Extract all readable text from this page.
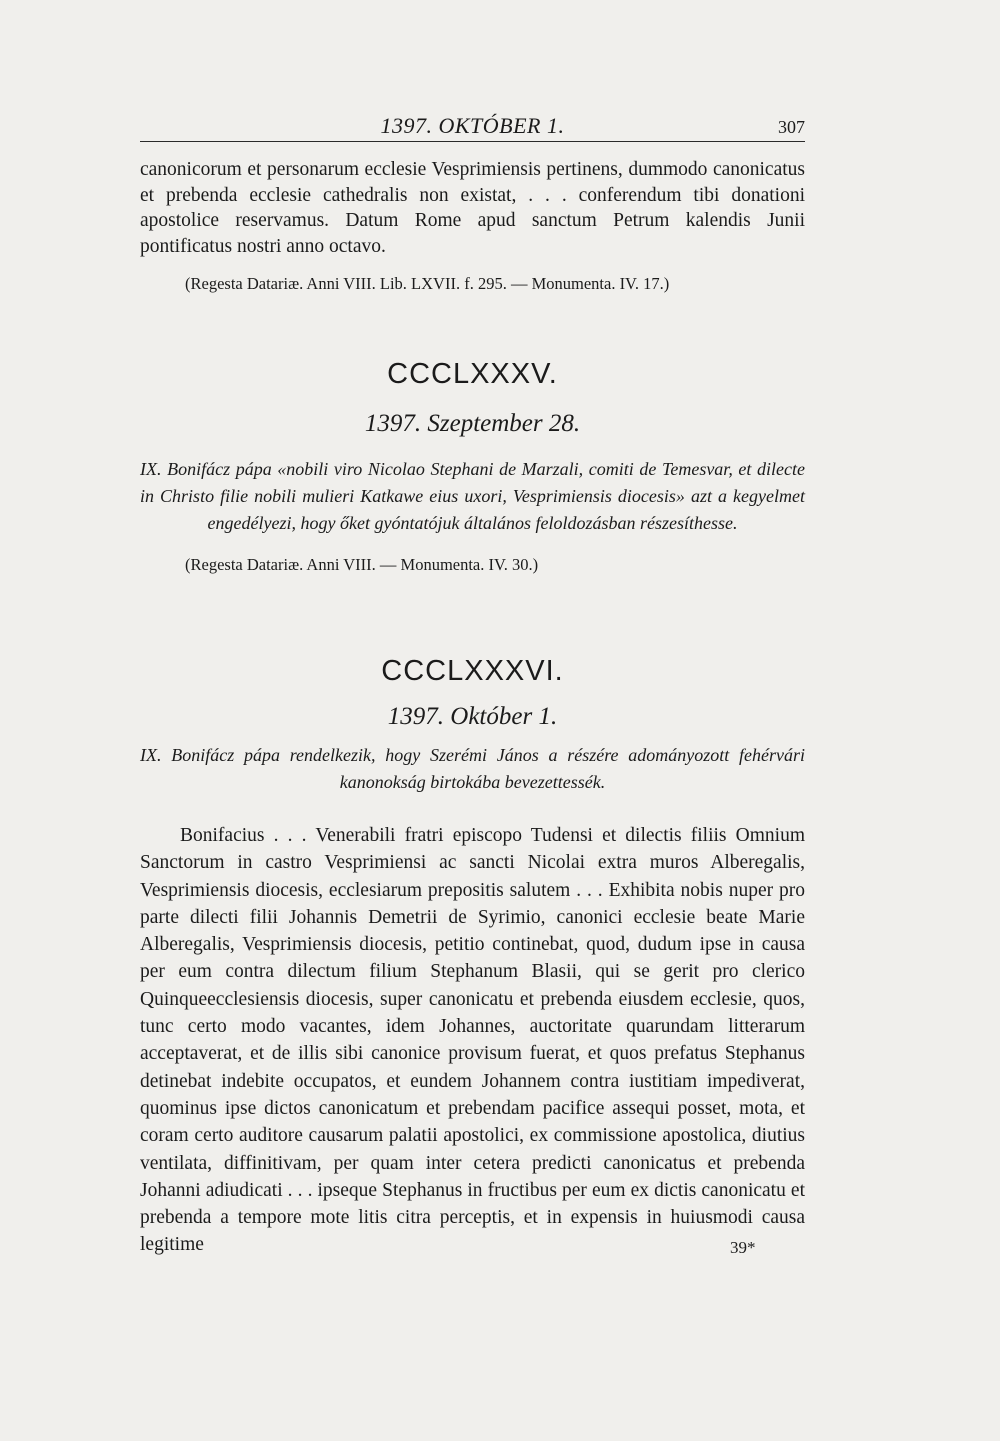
1397. OKTÓBER 1.	307

canonicorum et personarum ecclesie Vesprimiensis pertinens, dummodo canonicatus et prebenda ecclesie cathedralis non existat, . . . conferendum tibi donationi apostolice reservamus. Datum Rome apud sanctum Petrum kalendis Junii pontificatus nostri anno octavo.

(Regesta Datariæ. Anni VIII. Lib. LXVII. f. 295. — Monumenta. IV. 17.)

CCCLXXXV.
1397. Szeptember 28.

IX. Bonifácz pápa «nobili viro Nicolao Stephani de Marzali, comiti de Temesvar, et dilecte in Christo filie nobili mulieri Katkawe eius uxori, Vesprimiensis diocesis» azt a kegyelmet engedélyezi, hogy őket gyóntatójuk általános feloldozásban részesíthesse.

(Regesta Datariæ. Anni VIII. — Monumenta. IV. 30.)

CCCLXXXVI.
1397. Október 1.

IX. Bonifácz pápa rendelkezik, hogy Szerémi János a részére adományozott fehérvári kanonokság birtokába bevezettessék.

Bonifacius . . . Venerabili fratri episcopo Tudensi et dilectis filiis Omnium Sanctorum in castro Vesprimiensi ac sancti Nicolai extra muros Alberegalis, Vesprimiensis diocesis, ecclesiarum prepositis salutem . . . Exhibita nobis nuper pro parte dilecti filii Johannis Demetrii de Syrimio, canonici ecclesie beate Marie Alberegalis, Vesprimiensis diocesis, petitio continebat, quod, dudum ipse in causa per eum contra dilectum filium Stephanum Blasii, qui se gerit pro clerico Quinqueecclesiensis diocesis, super canonicatu et prebenda eiusdem ecclesie, quos, tunc certo modo vacantes, idem Johannes, auctoritate quarundam litterarum acceptaverat, et de illis sibi canonice provisum fuerat, et quos prefatus Stephanus detinebat indebite occupatos, et eundem Johannem contra iustitiam impediverat, quominus ipse dictos canonicatum et prebendam pacifice assequi posset, mota, et coram certo auditore causarum palatii apostolici, ex commissione apostolica, diutius ventilata, diffinitivam, per quam inter cetera predicti canonicatus et prebenda Johanni adiudicati . . . ipseque Stephanus in fructibus per eum ex dictis canonicatu et prebenda a tempore mote litis citra perceptis, et in expensis in huiusmodi causa legitime	39*
